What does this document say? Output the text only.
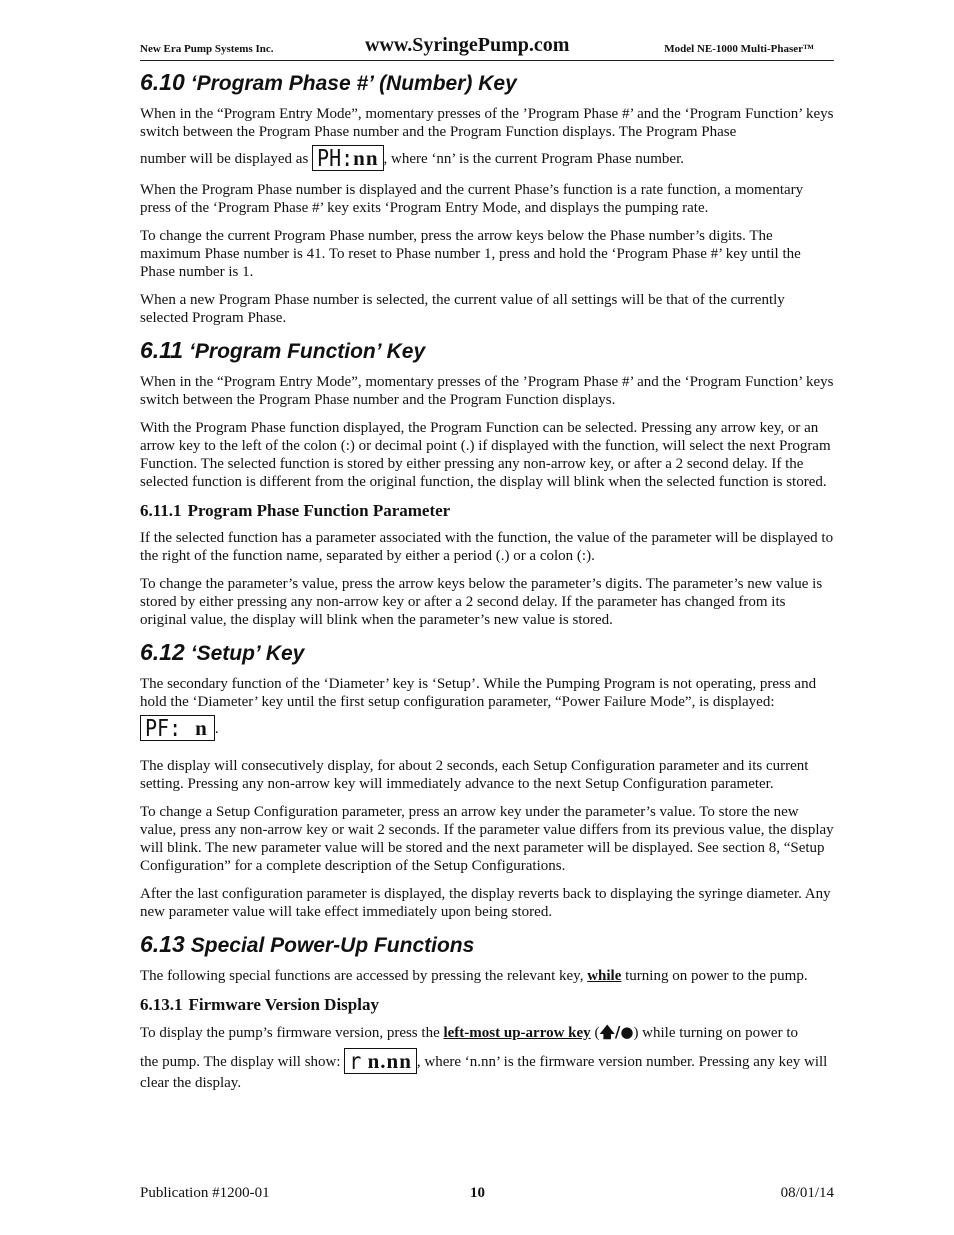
New Era Pump Systems Inc.	www.SyringePump.com	Model NE-1000 Multi-Phaser™
6.10 ‘Program Phase #’ (Number) Key

When in the “Program Entry Mode”, momentary presses of the ’Program Phase #’ and the ‘Program Function’ keys switch between the Program Phase number and the Program Function displays. The Program Phase

number will be displayed as PH:nn , where ‘nn’ is the current Program Phase number.

When the Program Phase number is displayed and the current Phase’s function is a rate function, a momentary press of the ‘Program Phase #’ key exits ‘Program Entry Mode, and displays the pumping rate.

To change the current Program Phase number, press the arrow keys below the Phase number’s digits. The maximum Phase number is 41. To reset to Phase number 1, press and hold the ‘Program Phase #’ key until the Phase number is 1.

When a new Program Phase number is selected, the current value of all settings will be that of the currently selected Program Phase.

6.11 ‘Program Function’ Key

When in the “Program Entry Mode”, momentary presses of the ’Program Phase #’ and the ‘Program Function’ keys switch between the Program Phase number and the Program Function displays.

With the Program Phase function displayed, the Program Function can be selected. Pressing any arrow key, or an arrow key to the left of the colon (:) or decimal point (.) if displayed with the function, will select the next Program Function. The selected function is stored by either pressing any non-arrow key, or after a 2 second delay. If the selected function is different from the original function, the display will blink when the selected function is stored.

6.11.1 Program Phase Function Parameter

If the selected function has a parameter associated with the function, the value of the parameter will be displayed to the right of the function name, separated by either a period (.) or a colon (:).

To change the parameter’s value, press the arrow keys below the parameter’s digits. The parameter’s new value is stored by either pressing any non-arrow key or after a 2 second delay. If the parameter has changed from its original value, the display will blink when the parameter’s new value is stored.

6.12 ‘Setup’ Key

The secondary function of the ‘Diameter’ key is ‘Setup’. While the Pumping Program is not operating, press and hold the ‘Diameter’ key until the first setup configuration parameter, “Power Failure Mode”, is displayed:

PF: n .

The display will consecutively display, for about 2 seconds, each Setup Configuration parameter and its current setting. Pressing any non-arrow key will immediately advance to the next Setup Configuration parameter.

To change a Setup Configuration parameter, press an arrow key under the parameter’s value. To store the new value, press any non-arrow key or wait 2 seconds. If the parameter value differs from its previous value, the display will blink. The new parameter value will be stored and the next parameter will be displayed. See section 8, “Setup Configuration” for a complete description of the Setup Configurations.

After the last configuration parameter is displayed, the display reverts back to displaying the syringe diameter. Any new parameter value will take effect immediately upon being stored.

6.13 Special Power-Up Functions

The following special functions are accessed by pressing the relevant key, while turning on power to the pump.

6.13.1 Firmware Version Display

To display the pump’s firmware version, press the left-most up-arrow key (🡅/●) while turning on power to

the pump. The display will show: r n.nn , where ‘n.nn’ is the firmware version number. Pressing any key will clear the display.

Publication #1200-01	10	08/01/14
